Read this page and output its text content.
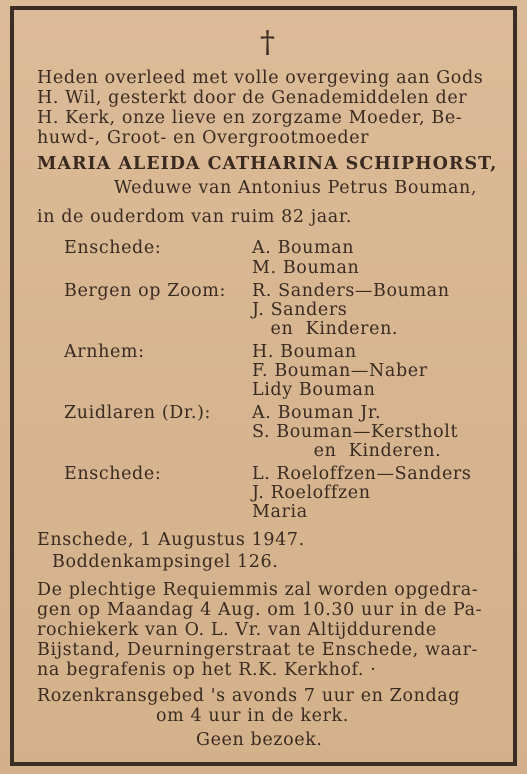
†
Heden overleed met volle overgeving aan Gods
H. Wil, gesterkt door de Genademiddelen der
H. Kerk, onze lieve en zorgzame Moeder, Be-
huwd-, Groot- en Overgrootmoeder
MARIA ALEIDA CATHARINA SCHIPHORST,
Weduwe van Antonius Petrus Bouman,
in de ouderdom van ruim 82 jaar.
Enschede:	A. Bouman
M. Bouman
Bergen op Zoom: R. Sanders—Bouman
J. Sanders
en  Kinderen.
Arnhem:	H. Bouman
F. Bouman—Naber
Lidy Bouman
Zuidlaren (Dr.): A. Bouman Jr.
S. Bouman—Kerstholt
en  Kinderen.
Enschede:	L. Roeloffzen—Sanders
J. Roeloffzen
Maria
Enschede, 1 Augustus 1947.
Boddenkampsingel 126.
De plechtige Requiemmis zal worden opgedra-
gen op Maandag 4 Aug. om 10.30 uur in de Pa-
rochiekerk van O. L. Vr. van Altijddurende
Bijstand, Deurningerstraat te Enschede, waar-
na begrafenis op het R.K. Kerkhof. ·
Rozenkransgebed 's avonds 7 uur en Zondag
om 4 uur in de kerk.
Geen bezoek.
